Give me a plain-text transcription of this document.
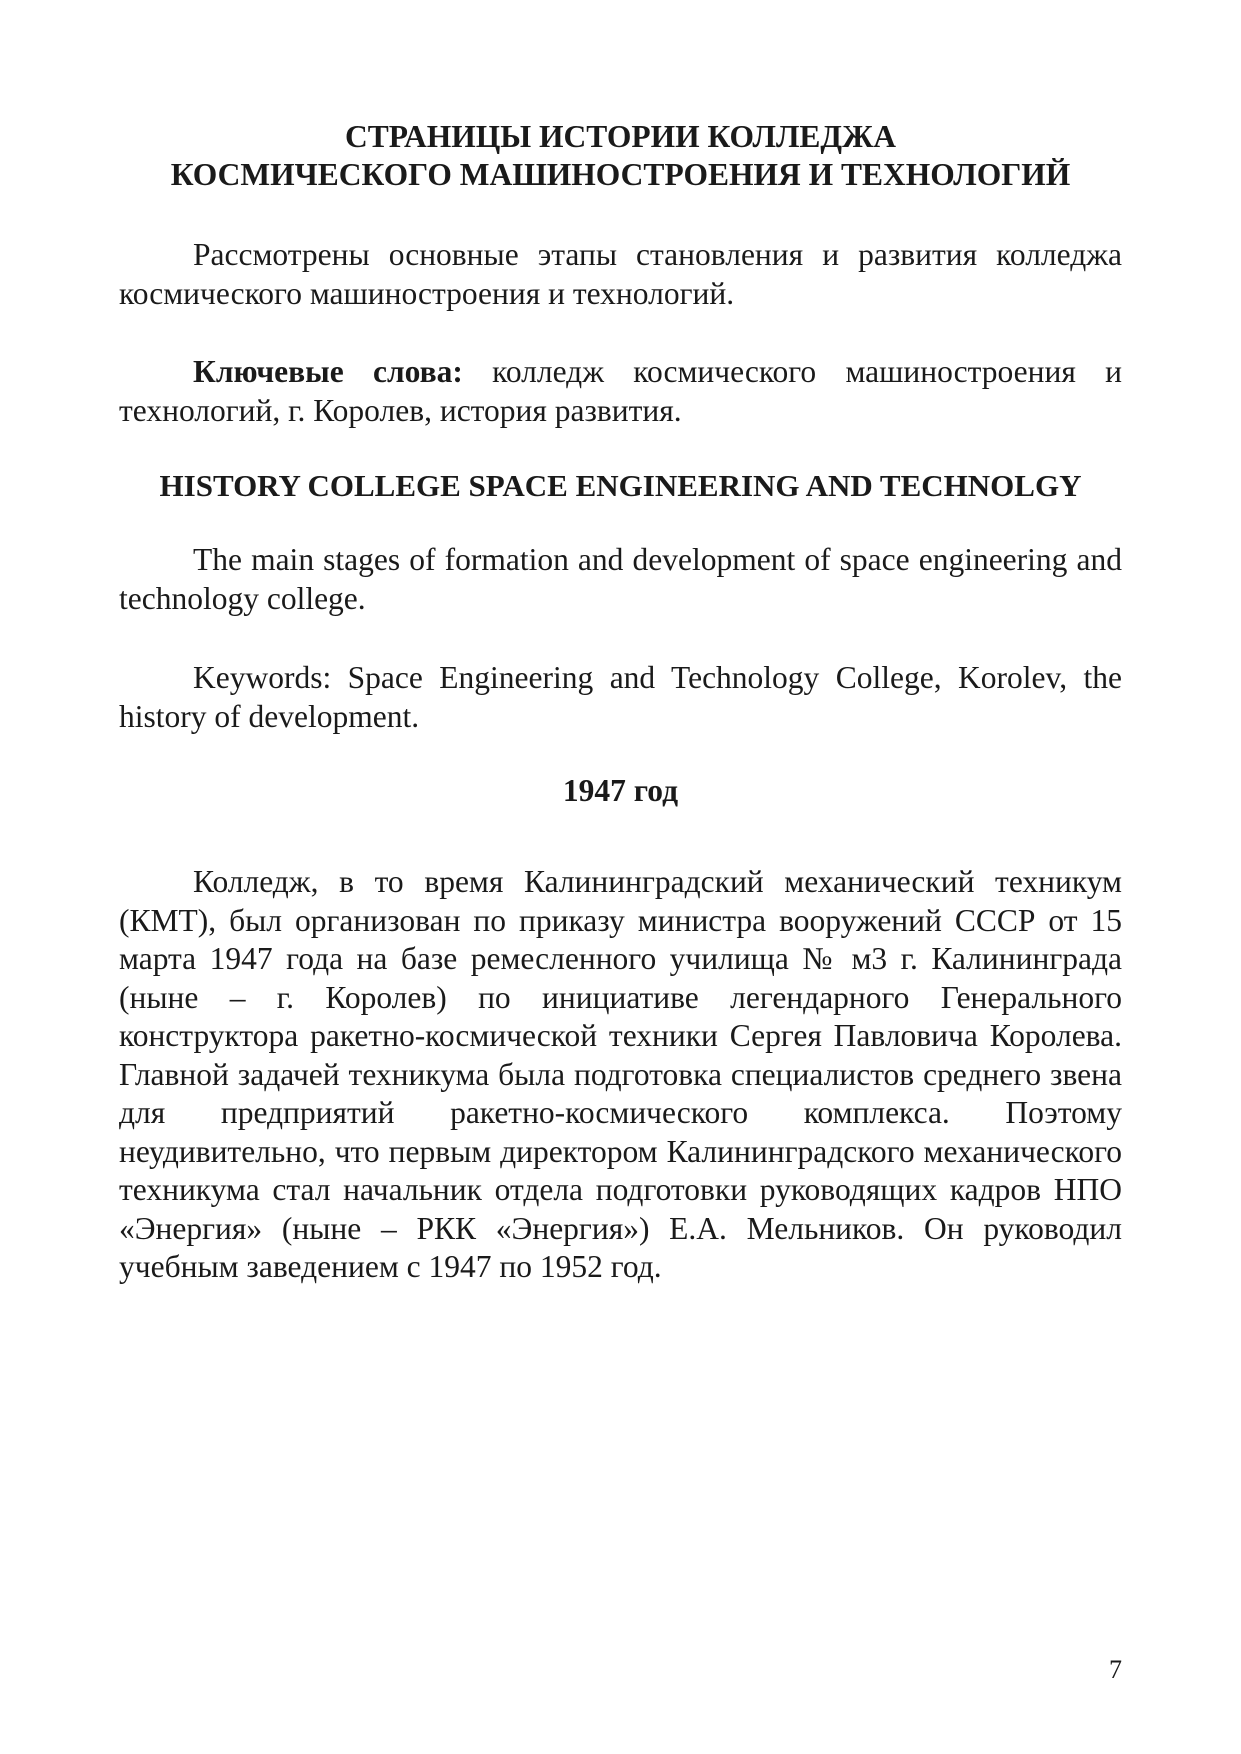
СТРАНИЦЫ ИСТОРИИ КОЛЛЕДЖА
КОСМИЧЕСКОГО МАШИНОСТРОЕНИЯ И ТЕХНОЛОГИЙ

Рассмотрены основные этапы становления и развития колледжа космического машиностроения и технологий.

Ключевые слова: колледж космического машиностроения и технологий, г. Королев, история развития.

HISTORY COLLEGE SPACE ENGINEERING AND TECHNOLGY

The main stages of formation and development of space engineering and technology college.

Keywords: Space Engineering and Technology College, Korolev, the history of development.

1947 год

Колледж, в то время Калининградский механический техникум (КМТ), был организован по приказу министра вооружений СССР от 15 марта 1947 года на базе ремесленного училища № м3 г. Калининграда (ныне – г. Королев) по инициативе легендарного Генерального конструктора ракетно-космической техники Сергея Павловича Королева. Главной задачей техникума была подготовка специалистов среднего звена для предприятий ракетно-космического комплекса. Поэтому неудивительно, что первым директором Калининградского механического техникума стал начальник отдела подготовки руководящих кадров НПО «Энергия» (ныне – РКК «Энергия») Е.А. Мельников. Он руководил учебным заведением с 1947 по 1952 год.

7
